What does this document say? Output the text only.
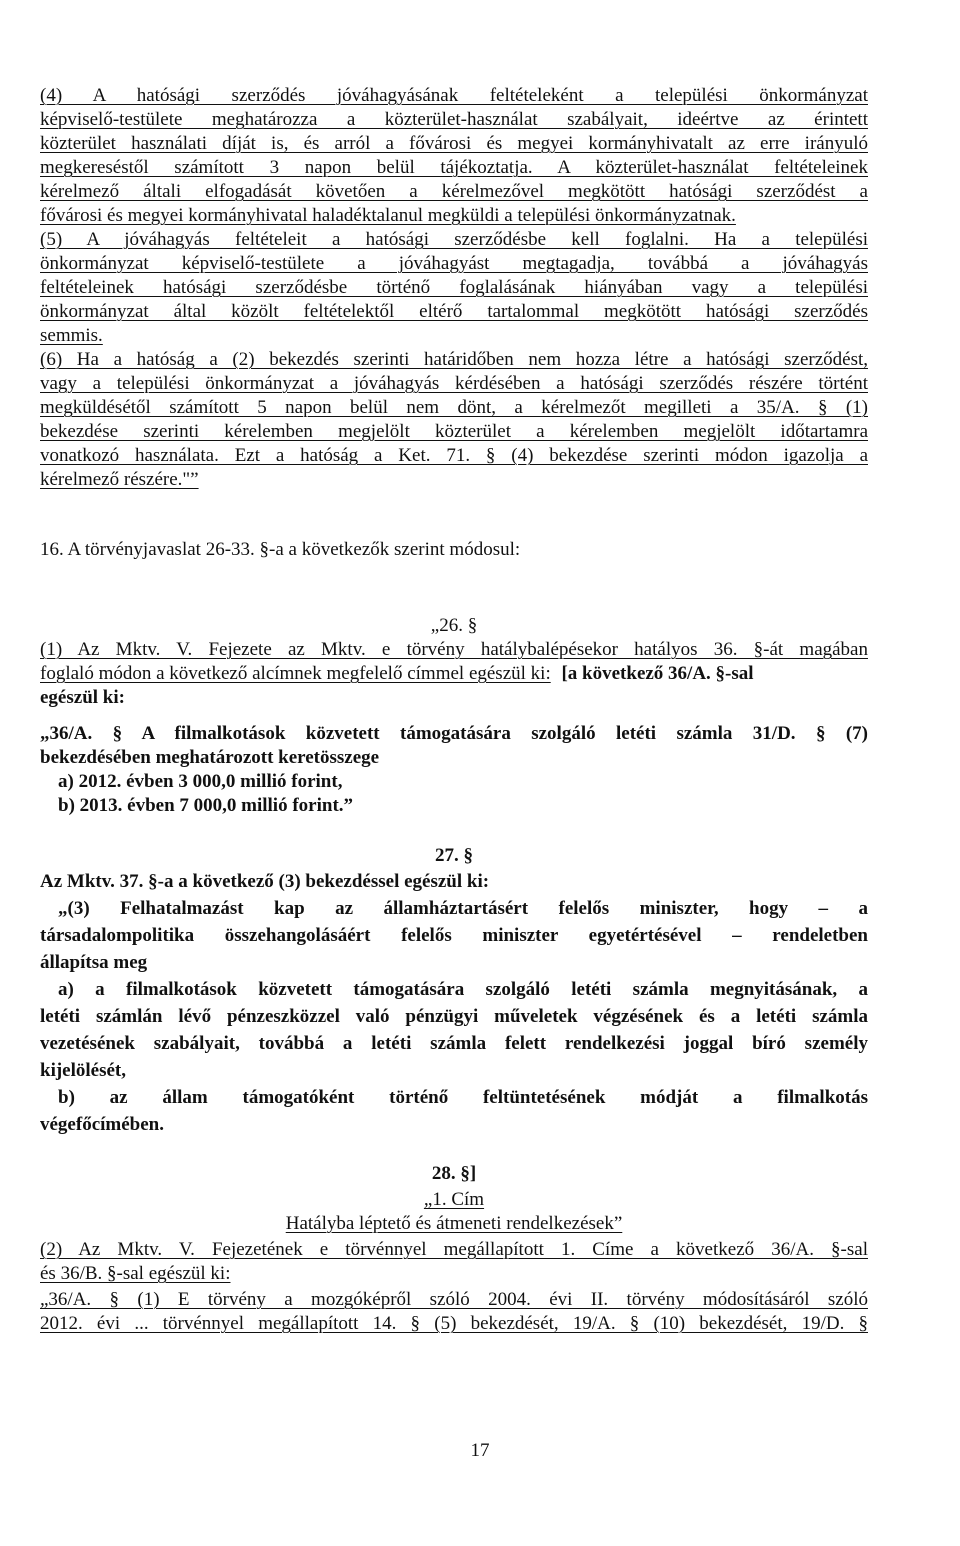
(4) A hatósági szerződés jóváhagyásának feltételeként a települési önkormányzat
képviselő-testülete meghatározza a közterület-használat szabályait, ideértve az érintett
közterület használati díját is, és arról a fővárosi és megyei kormányhivatalt az erre irányuló
megkereséstől számított 3 napon belül tájékoztatja. A közterület-használat feltételeinek
kérelmező általi elfogadását követően a kérelmezővel megkötött hatósági szerződést a
fővárosi és megyei kormányhivatal haladéktalanul megküldi a települési önkormányzatnak.
(5) A jóváhagyás feltételeit a hatósági szerződésbe kell foglalni. Ha a települési
önkormányzat képviselő-testülete a jóváhagyást megtagadja, továbbá a jóváhagyás
feltételeinek hatósági szerződésbe történő foglalásának hiányában vagy a települési
önkormányzat által közölt feltételektől eltérő tartalommal megkötött hatósági szerződés
semmis.
(6) Ha a hatóság a (2) bekezdés szerinti határidőben nem hozza létre a hatósági szerződést,
vagy a települési önkormányzat a jóváhagyás kérdésében a hatósági szerződés részére történt
megküldésétől számított 5 napon belül nem dönt, a kérelmezőt megilleti a 35/A. § (1)
bekezdése szerinti kérelemben megjelölt közterület a kérelemben megjelölt időtartamra
vonatkozó használata. Ezt a hatóság a Ket. 71. § (4) bekezdése szerinti módon igazolja a
kérelmező részére."”
16. A törvényjavaslat 26-33. §-a a következők szerint módosul:
„26. §
(1) Az Mktv. V. Fejezete az Mktv. e törvény hatálybalépésekor hatályos 36. §-át magában
foglaló módon a következő alcímnek megfelelő címmel egészül ki: [a következő 36/A. §-sal
egészül ki:
„36/A. § A filmalkotások közvetett támogatására szolgáló letéti számla 31/D. § (7)
bekezdésében meghatározott keretösszege
a) 2012. évben 3 000,0 millió forint,
b) 2013. évben 7 000,0 millió forint.”
27. §
Az Mktv. 37. §-a a következő (3) bekezdéssel egészül ki:
„(3) Felhatalmazást kap az államháztartásért felelős miniszter, hogy – a
társadalompolitika összehangolásáért felelős miniszter egyetértésével – rendeletben
állapítsa meg
a) a filmalkotások közvetett támogatására szolgáló letéti számla megnyitásának, a
letéti számlán lévő pénzeszközzel való pénzügyi műveletek végzésének és a letéti számla
vezetésének szabályait, továbbá a letéti számla felett rendelkezési joggal bíró személy
kijelölését,
b) az állam támogatóként történő feltüntetésének módját a filmalkotás
végefőcímében.
28. §]
„1. Cím
Hatályba léptető és átmeneti rendelkezések”
(2) Az Mktv. V. Fejezetének e törvénnyel megállapított 1. Címe a következő 36/A. §-sal
és 36/B. §-sal egészül ki:
„36/A. § (1) E törvény a mozgóképről szóló 2004. évi II. törvény módosításáról szóló
2012. évi ... törvénnyel megállapított 14. § (5) bekezdését, 19/A. § (10) bekezdését, 19/D. §
17
